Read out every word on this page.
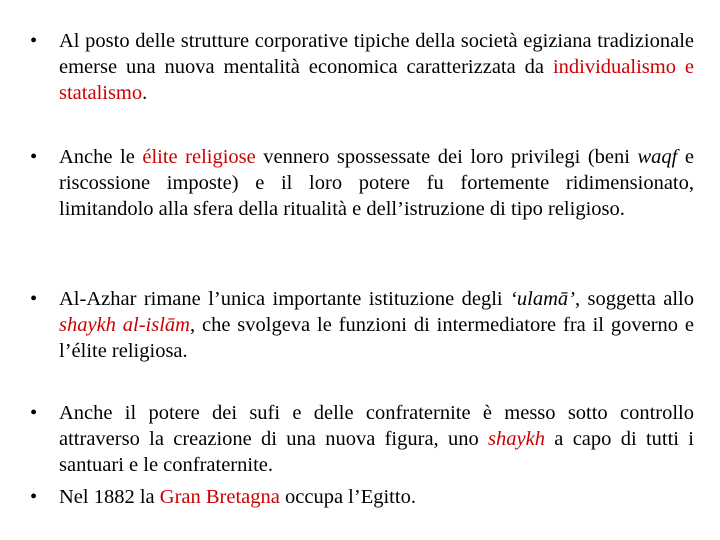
•	Al posto delle strutture corporative tipiche della società egiziana tradizionale emerse una nuova mentalità economica caratterizzata da individualismo e statalismo.
•	Anche le élite religiose vennero spossessate dei loro privilegi (beni waqf e riscossione imposte) e il loro potere fu fortemente ridimensionato, limitandolo alla sfera della ritualità e dell’istruzione di tipo religioso.
•	Al-Azhar rimane l’unica importante istituzione degli ‘ulamā’, soggetta allo shaykh al-islām, che svolgeva le funzioni di intermediatore fra il governo e l’élite religiosa.
•	Anche il potere dei sufi e delle confraternite è messo sotto controllo attraverso la creazione di una nuova figura, uno shaykh a capo di tutti i santuari e le confraternite.
•	Nel 1882 la Gran Bretagna occupa l’Egitto.
